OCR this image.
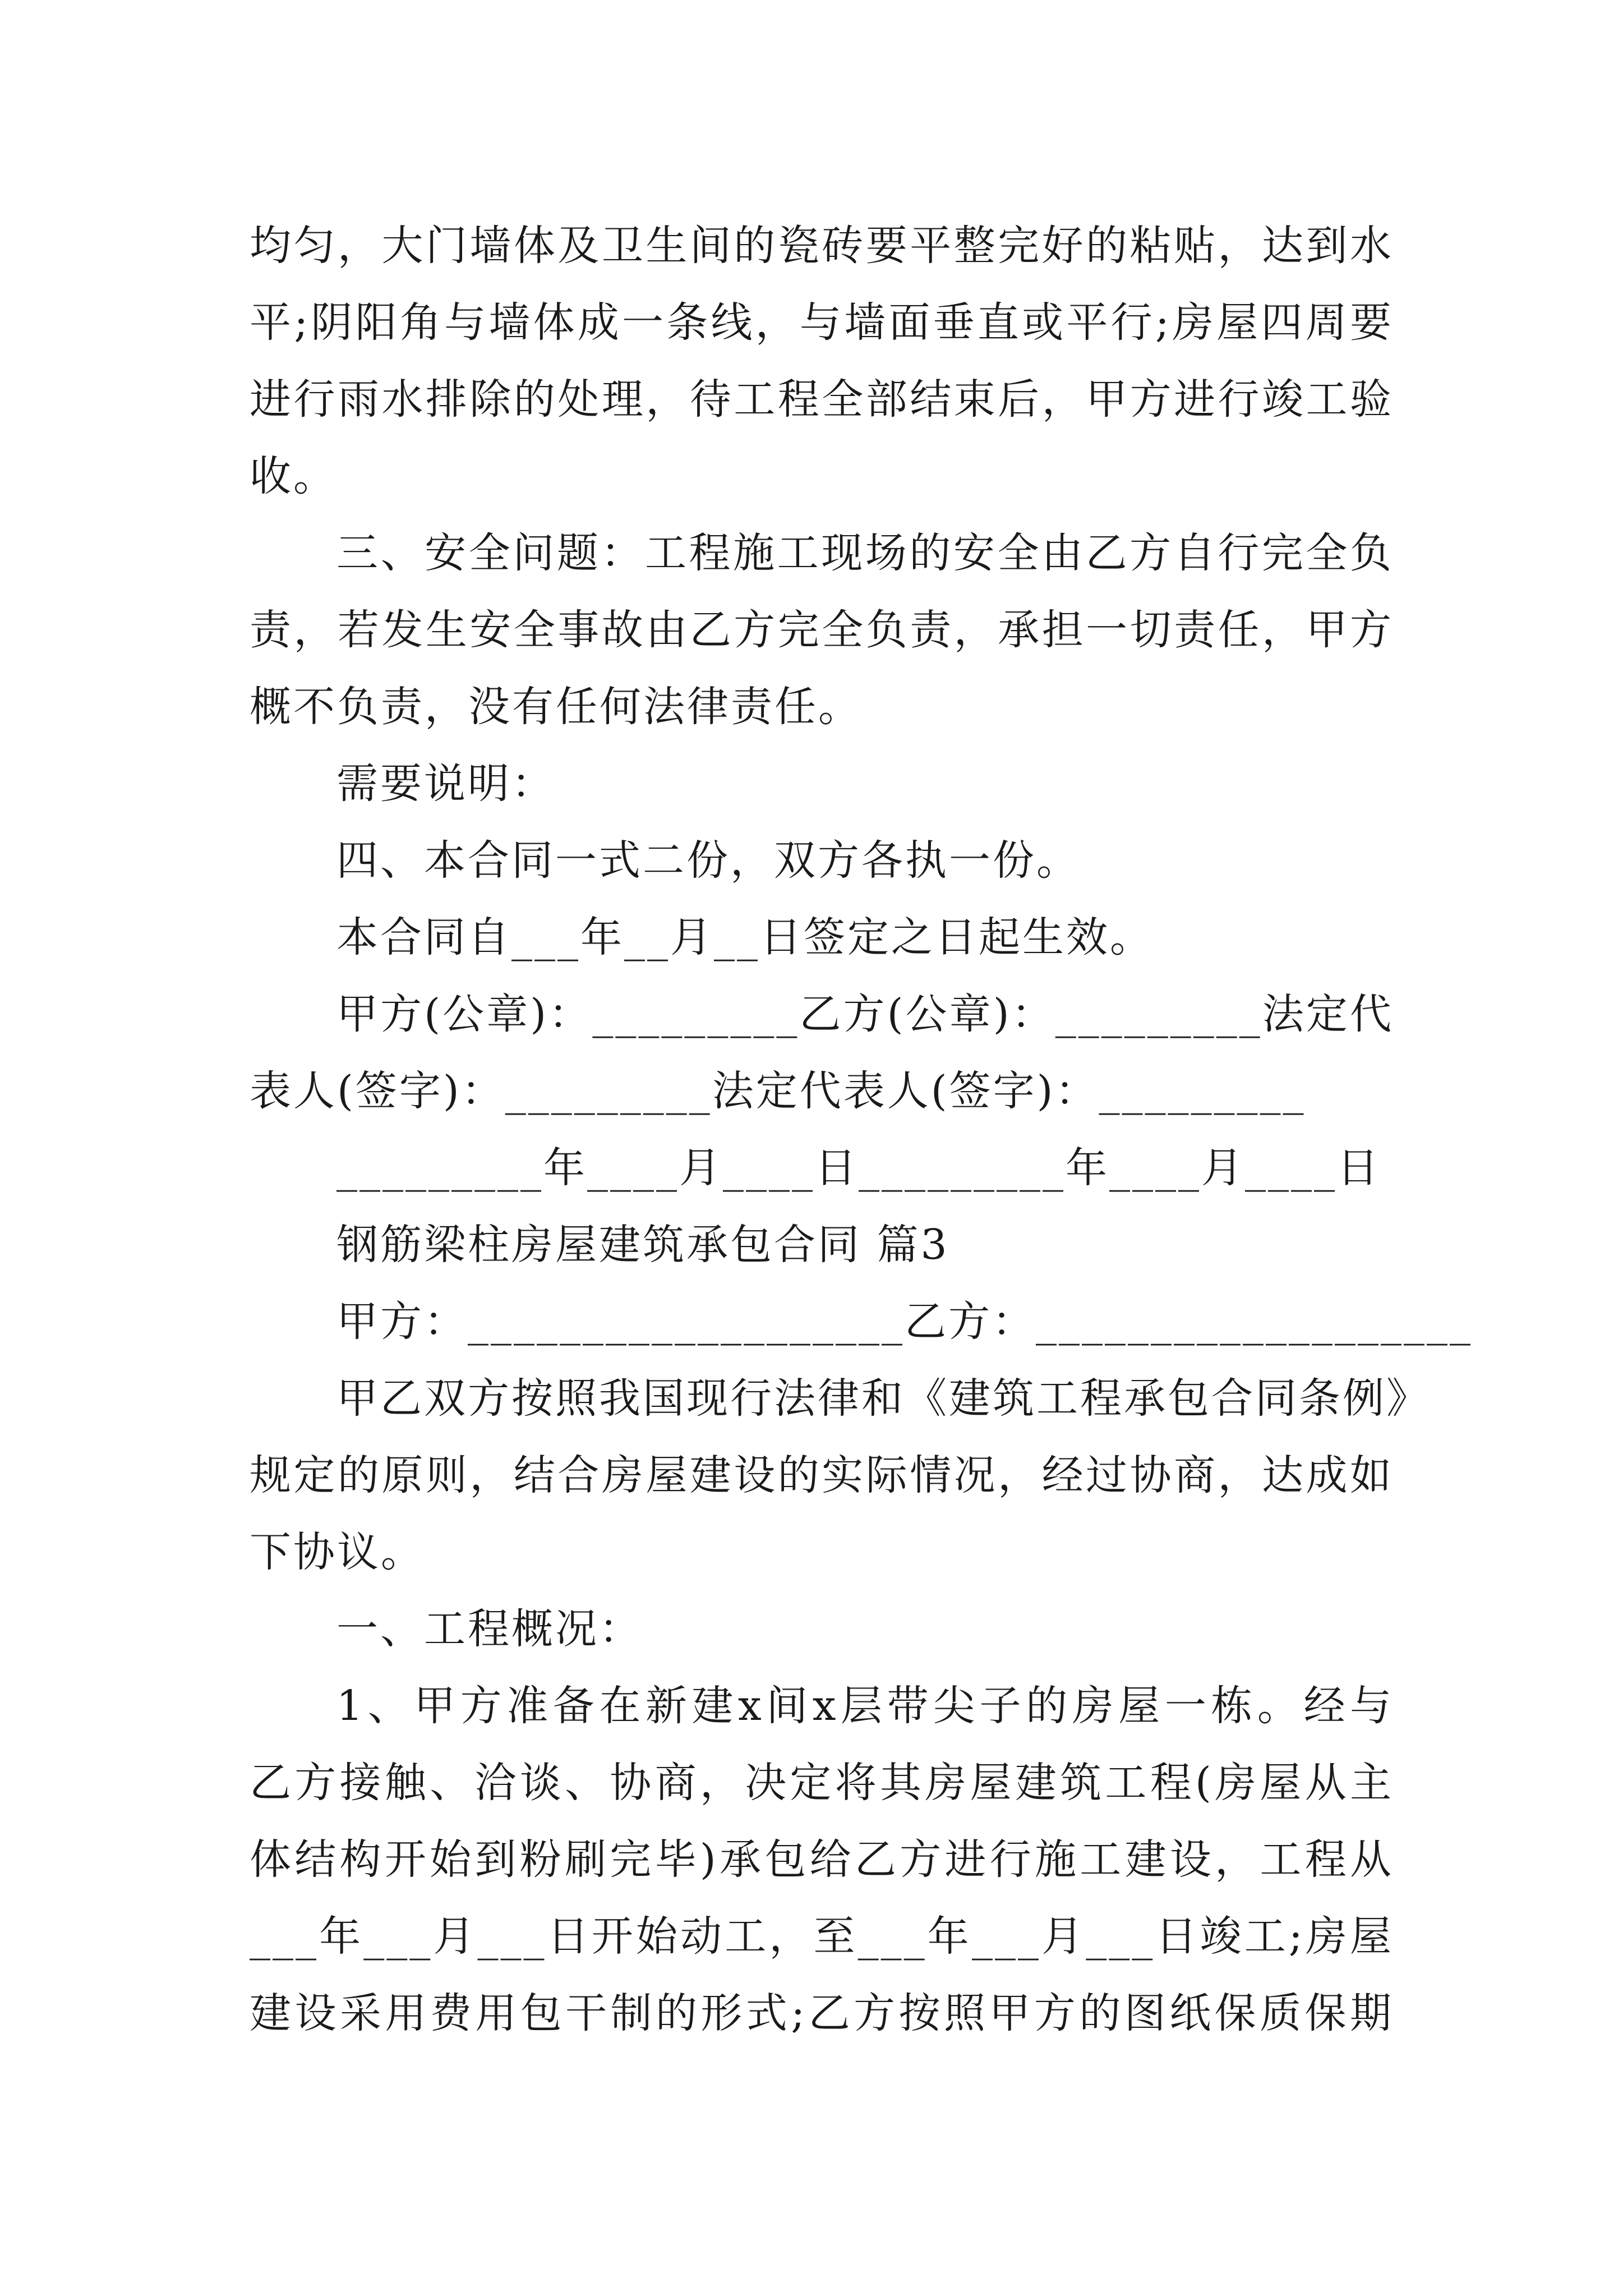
均匀，大门墙体及卫生间的瓷砖要平整完好的粘贴，达到水
平;阴阳角与墙体成一条线，与墙面垂直或平行;房屋四周要
进行雨水排除的处理，待工程全部结束后，甲方进行竣工验
收。
三、安全问题：工程施工现场的安全由乙方自行完全负
责，若发生安全事故由乙方完全负责，承担一切责任，甲方
概不负责，没有任何法律责任。
需要说明：
四、本合同一式二份，双方各执一份。
本合同自___年__月__日签定之日起生效。
甲方(公章)：_________乙方(公章)：_________法定代
表人(签字)：_________法定代表人(签字)：_________
_________年____月____日_________年____月____日
钢筋梁柱房屋建筑承包合同 篇3
甲方：___________________乙方：___________________
甲乙双方按照我国现行法律和《建筑工程承包合同条例》
规定的原则，结合房屋建设的实际情况，经过协商，达成如
下协议。
一、工程概况：
1、甲方准备在新建x间x层带尖子的房屋一栋。经与
乙方接触、洽谈、协商，决定将其房屋建筑工程(房屋从主
体结构开始到粉刷完毕)承包给乙方进行施工建设，工程从
___年___月___日开始动工，至___年___月___日竣工;房屋
建设采用费用包干制的形式;乙方按照甲方的图纸保质保期
